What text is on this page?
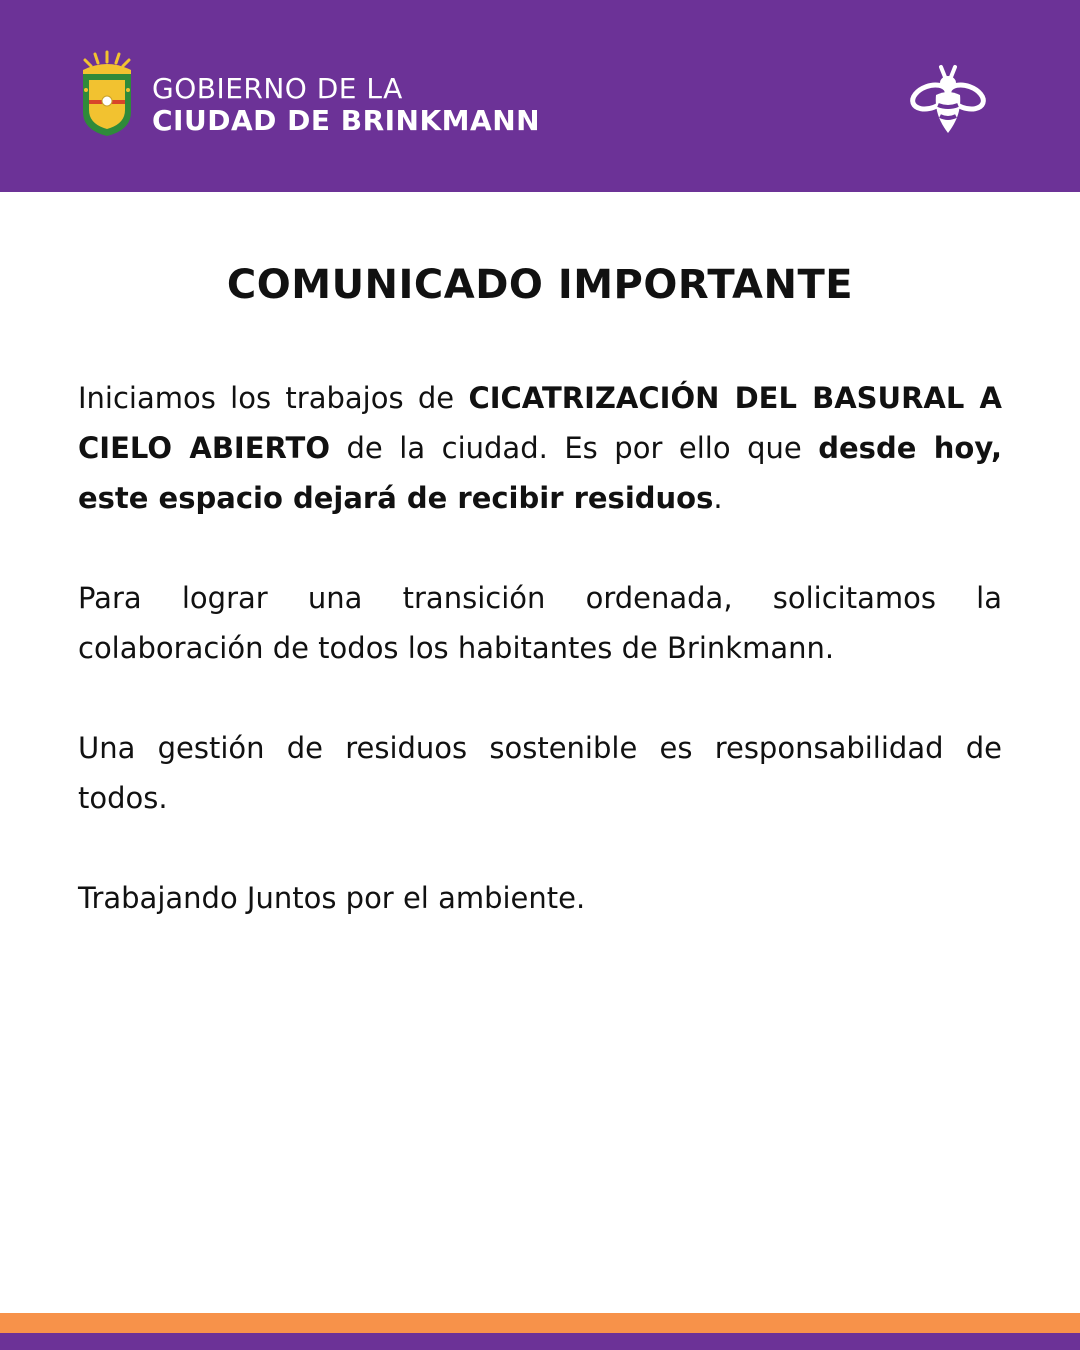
GOBIERNO DE LA
CIUDAD DE BRINKMANN
COMUNICADO IMPORTANTE

Iniciamos los trabajos de CICATRIZACIÓN DEL BASURAL A CIELO ABIERTO de la ciudad. Es por ello que desde hoy, este espacio dejará de recibir residuos.

Para lograr una transición ordenada, solicitamos la colaboración de todos los habitantes de Brinkmann.

Una gestión de residuos sostenible es responsabilidad de todos.

Trabajando Juntos por el ambiente.
